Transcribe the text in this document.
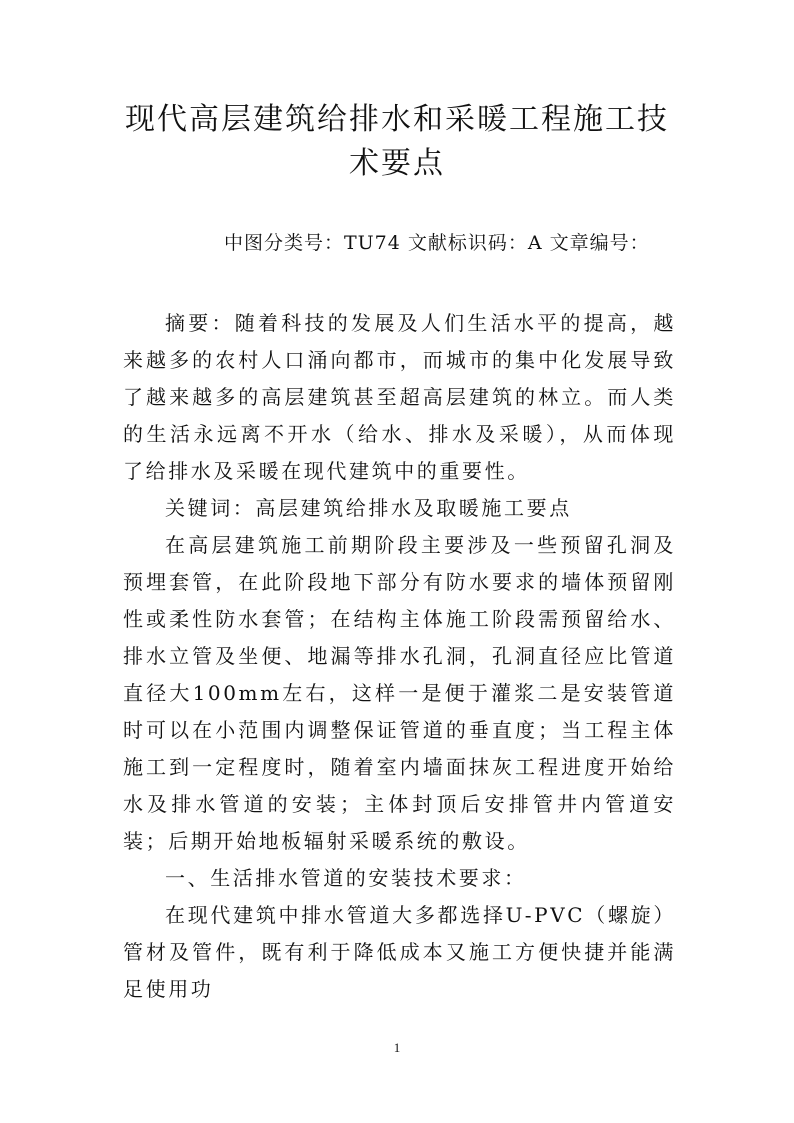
现代高层建筑给排水和采暖工程施工技术要点
中图分类号：TU74 文献标识码：A 文章编号：

摘要：随着科技的发展及人们生活水平的提高，越来越多的农村人口涌向都市，而城市的集中化发展导致了越来越多的高层建筑甚至超高层建筑的林立。而人类的生活永远离不开水（给水、排水及采暖），从而体现了给排水及采暖在现代建筑中的重要性。

关键词：高层建筑给排水及取暖施工要点

在高层建筑施工前期阶段主要涉及一些预留孔洞及预埋套管，在此阶段地下部分有防水要求的墙体预留刚性或柔性防水套管；在结构主体施工阶段需预留给水、排水立管及坐便、地漏等排水孔洞，孔洞直径应比管道直径大100mm左右，这样一是便于灌浆二是安装管道时可以在小范围内调整保证管道的垂直度；当工程主体施工到一定程度时，随着室内墙面抹灰工程进度开始给水及排水管道的安装；主体封顶后安排管井内管道安装；后期开始地板辐射采暖系统的敷设。

一、生活排水管道的安装技术要求：

在现代建筑中排水管道大多都选择U-PVC（螺旋）管材及管件，既有利于降低成本又施工方便快捷并能满足使用功

1
